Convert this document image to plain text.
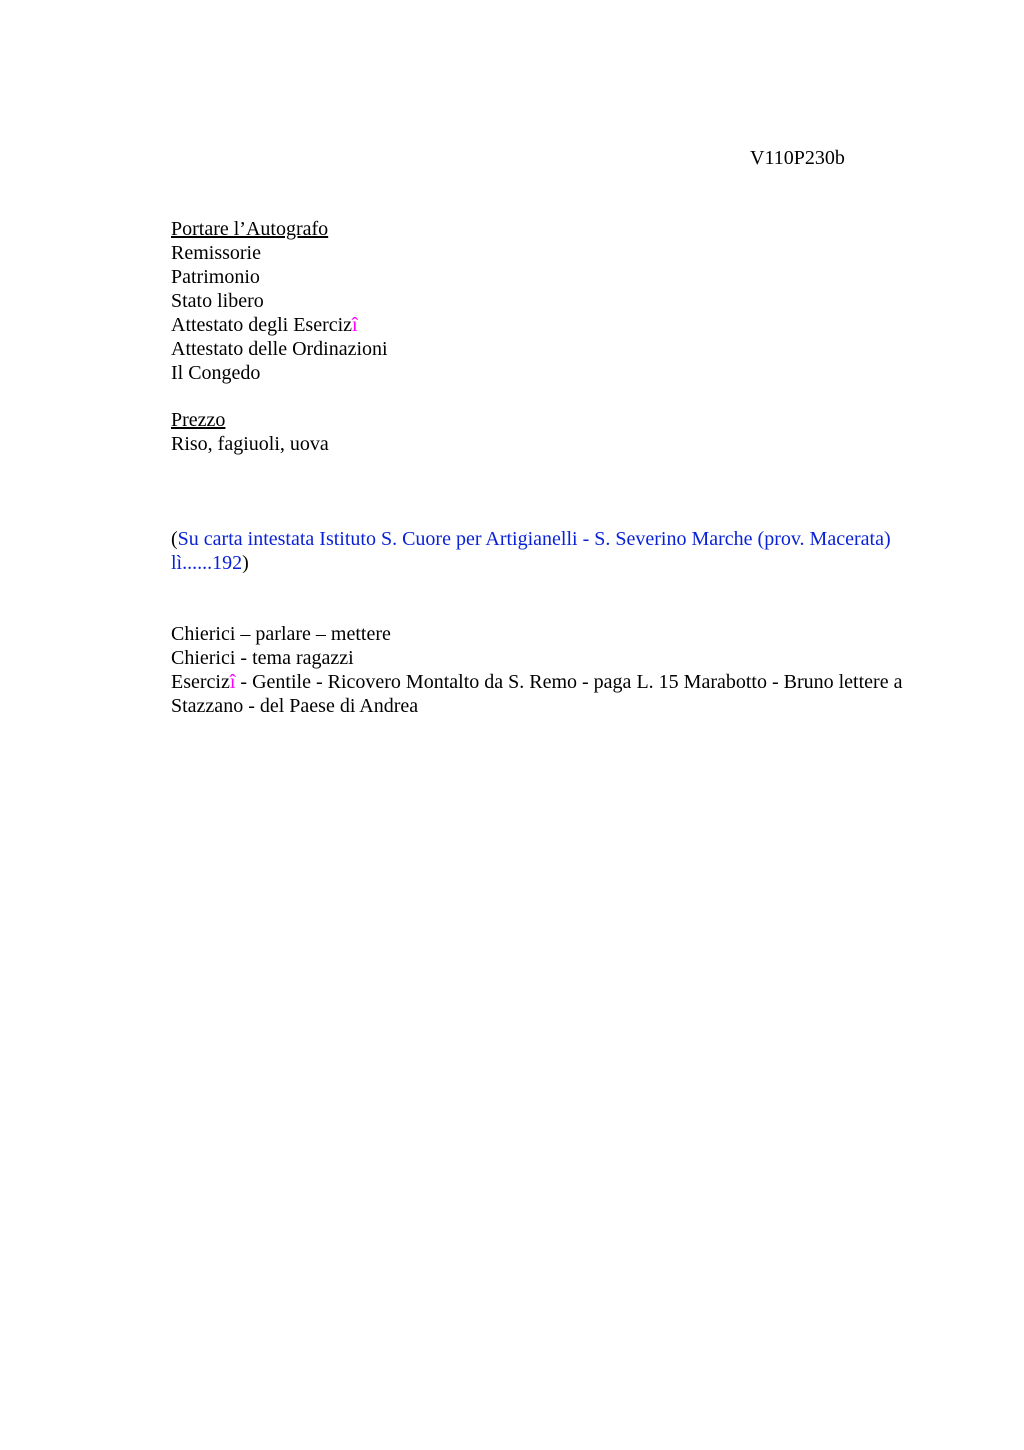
V110P230b
Portare l’Autografo
Remissorie
Patrimonio
Stato libero
Attestato degli Esercizî
Attestato delle Ordinazioni
Il Congedo
Prezzo
Riso, fagiuoli, uova
(Su carta intestata Istituto S. Cuore per Artigianelli - S. Severino Marche (prov. Macerata) lì......192)
Chierici – parlare – mettere
Chierici - tema ragazzi
Esercizî - Gentile - Ricovero Montalto da S. Remo - paga L. 15 Marabotto - Bruno lettere a Stazzano - del Paese di Andrea
